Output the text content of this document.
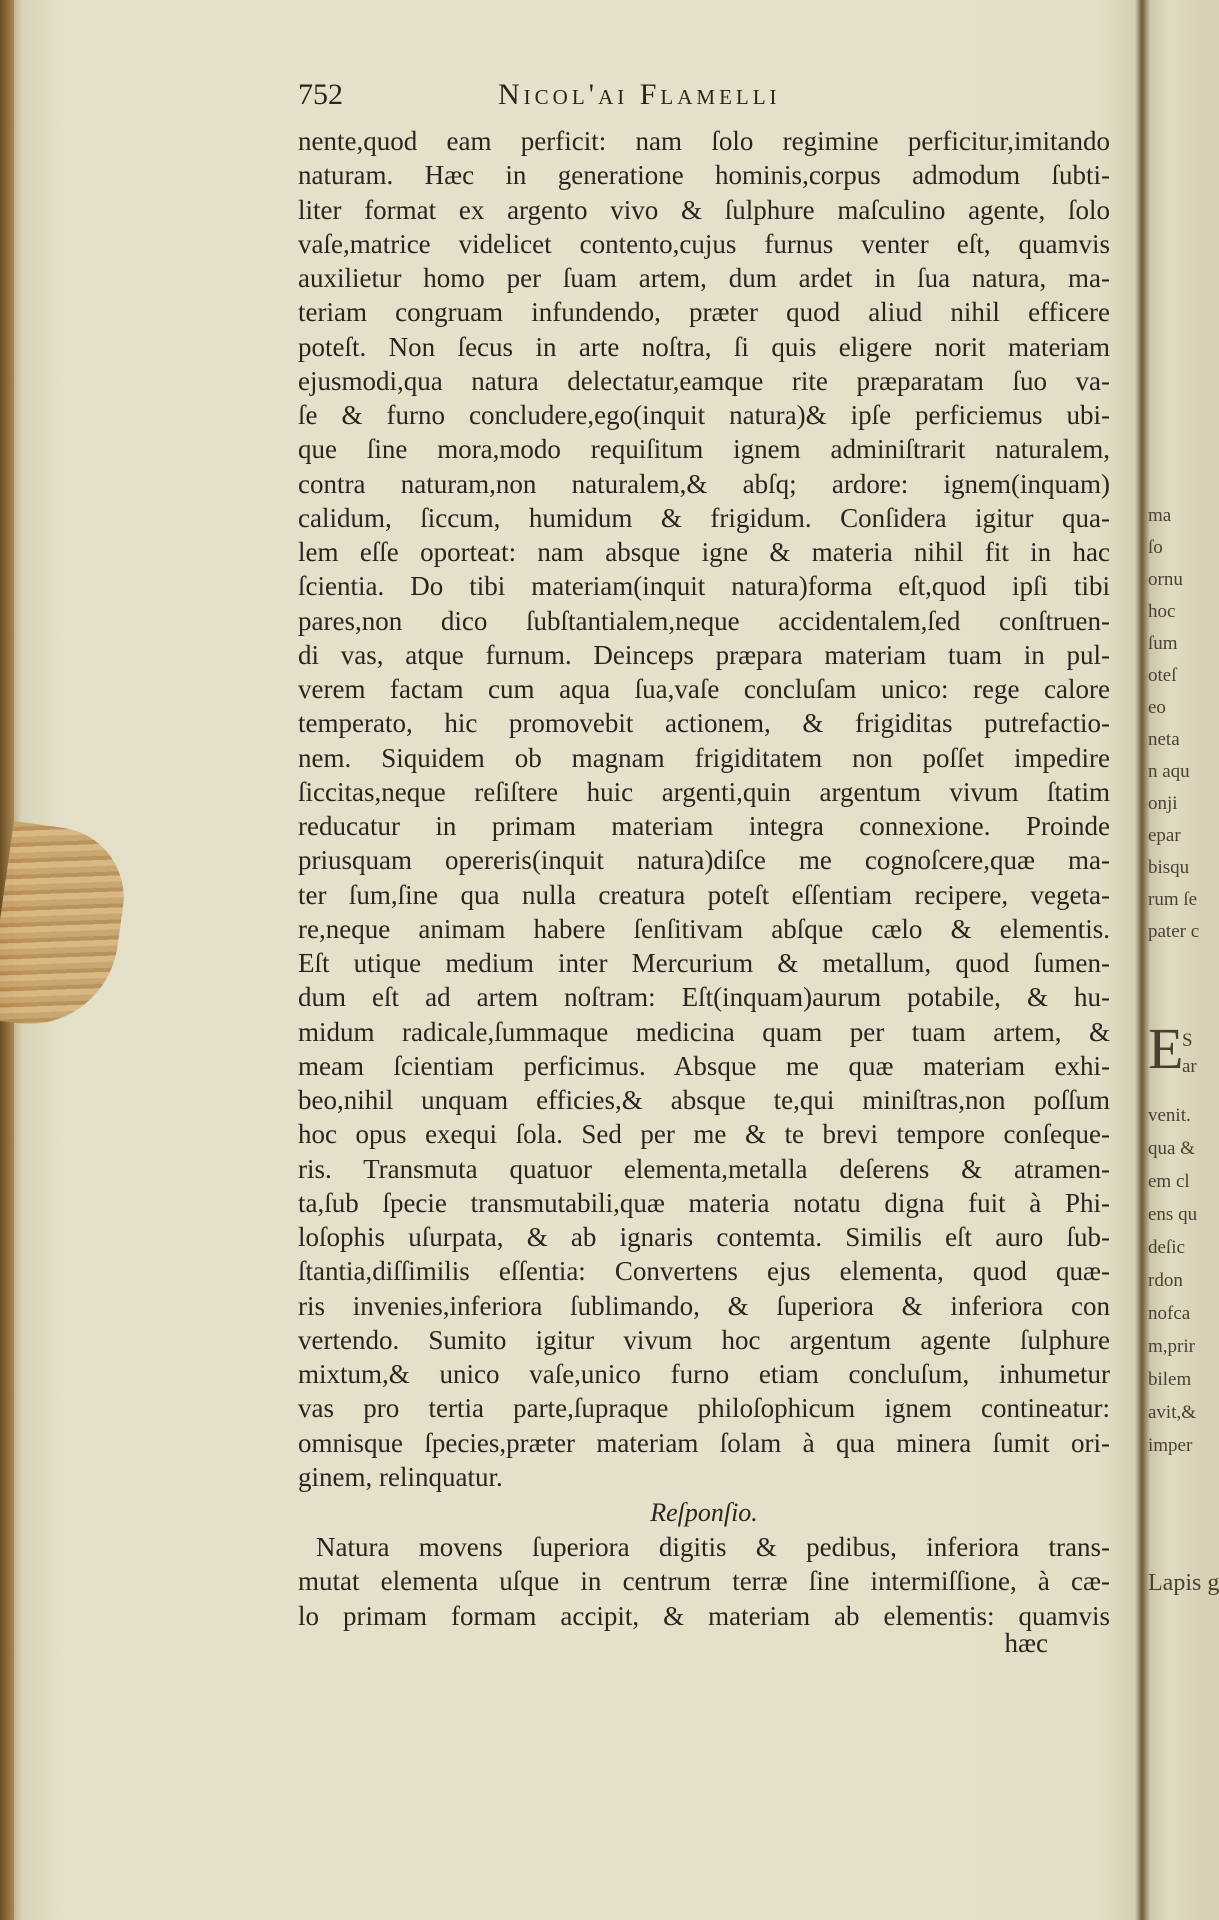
752	Nicol'ai Flamelli
nente,quod eam perficit: nam ſolo regimine perficitur,imitando
naturam. Hæc in generatione hominis,corpus admodum ſubti-
liter format ex argento vivo & ſulphure maſculino agente, ſolo
vaſe,matrice videlicet contento,cujus furnus venter eſt, quamvis
auxilietur homo per ſuam artem, dum ardet in ſua natura, ma-
teriam congruam infundendo, præter quod aliud nihil efficere
poteſt. Non ſecus in arte noſtra, ſi quis eligere norit materiam
ejusmodi,qua natura delectatur,eamque rite præparatam ſuo va-
ſe & furno concludere,ego(inquit natura)& ipſe perficiemus ubi-
que ſine mora,modo requiſitum ignem adminiſtrarit naturalem,
contra naturam,non naturalem,& abſq; ardore: ignem(inquam)
calidum, ſiccum, humidum & frigidum. Conſidera igitur qua-
lem eſſe oporteat: nam absque igne & materia nihil fit in hac
ſcientia. Do tibi materiam(inquit natura)forma eſt,quod ipſi tibi
pares,non dico ſubſtantialem,neque accidentalem,ſed conſtruen-
di vas, atque furnum. Deinceps præpara materiam tuam in pul-
verem factam cum aqua ſua,vaſe concluſam unico: rege calore
temperato, hic promovebit actionem, & frigiditas putrefactio-
nem. Siquidem ob magnam frigiditatem non poſſet impedire
ſiccitas,neque reſiſtere huic argenti,quin argentum vivum ſtatim
reducatur in primam materiam integra connexione. Proinde
priusquam opereris(inquit natura)diſce me cognoſcere,quæ ma-
ter ſum,ſine qua nulla creatura poteſt eſſentiam recipere, vegeta-
re,neque animam habere ſenſitivam abſque cælo & elementis.
Eſt utique medium inter Mercurium & metallum, quod ſumen-
dum eſt ad artem noſtram: Eſt(inquam)aurum potabile, & hu-
midum radicale,ſummaque medicina quam per tuam artem, &
meam ſcientiam perficimus. Absque me quæ materiam exhi-
beo,nihil unquam efficies,& absque te,qui miniſtras,non poſſum
hoc opus exequi ſola. Sed per me & te brevi tempore conſeque-
ris. Transmuta quatuor elementa,metalla deſerens & atramen-
ta,ſub ſpecie transmutabili,quæ materia notatu digna fuit à Phi-
loſophis uſurpata, & ab ignaris contemta. Similis eſt auro ſub-
ſtantia,diſſimilis eſſentia: Convertens ejus elementa, quod quæ-
ris invenies,inferiora ſublimando, & ſuperiora & inferiora con
vertendo. Sumito igitur vivum hoc argentum agente ſulphure
mixtum,& unico vaſe,unico furno etiam concluſum, inhumetur
vas pro tertia parte,ſupraque philoſophicum ignem contineatur:
omnisque ſpecies,præter materiam ſolam à qua minera ſumit ori-
ginem, relinquatur.
Reſponſio.
Natura movens ſuperiora digitis & pedibus, inferiora trans-
mutat elementa uſque in centrum terræ ſine intermiſſione, à cæ-
lo primam formam accipit, & materiam ab elementis: quamvis
hæc
E
ma
ſo
ornu
hoc
ſum
oteſ
eo
neta
n aqu
onji
epar
bisqu
rum ſe
pater c
S
ar
venit.
qua &
em cl
ens qu
deſic
rdon
nofca
m,prir
bilem
avit,&
imper
Lapis g
